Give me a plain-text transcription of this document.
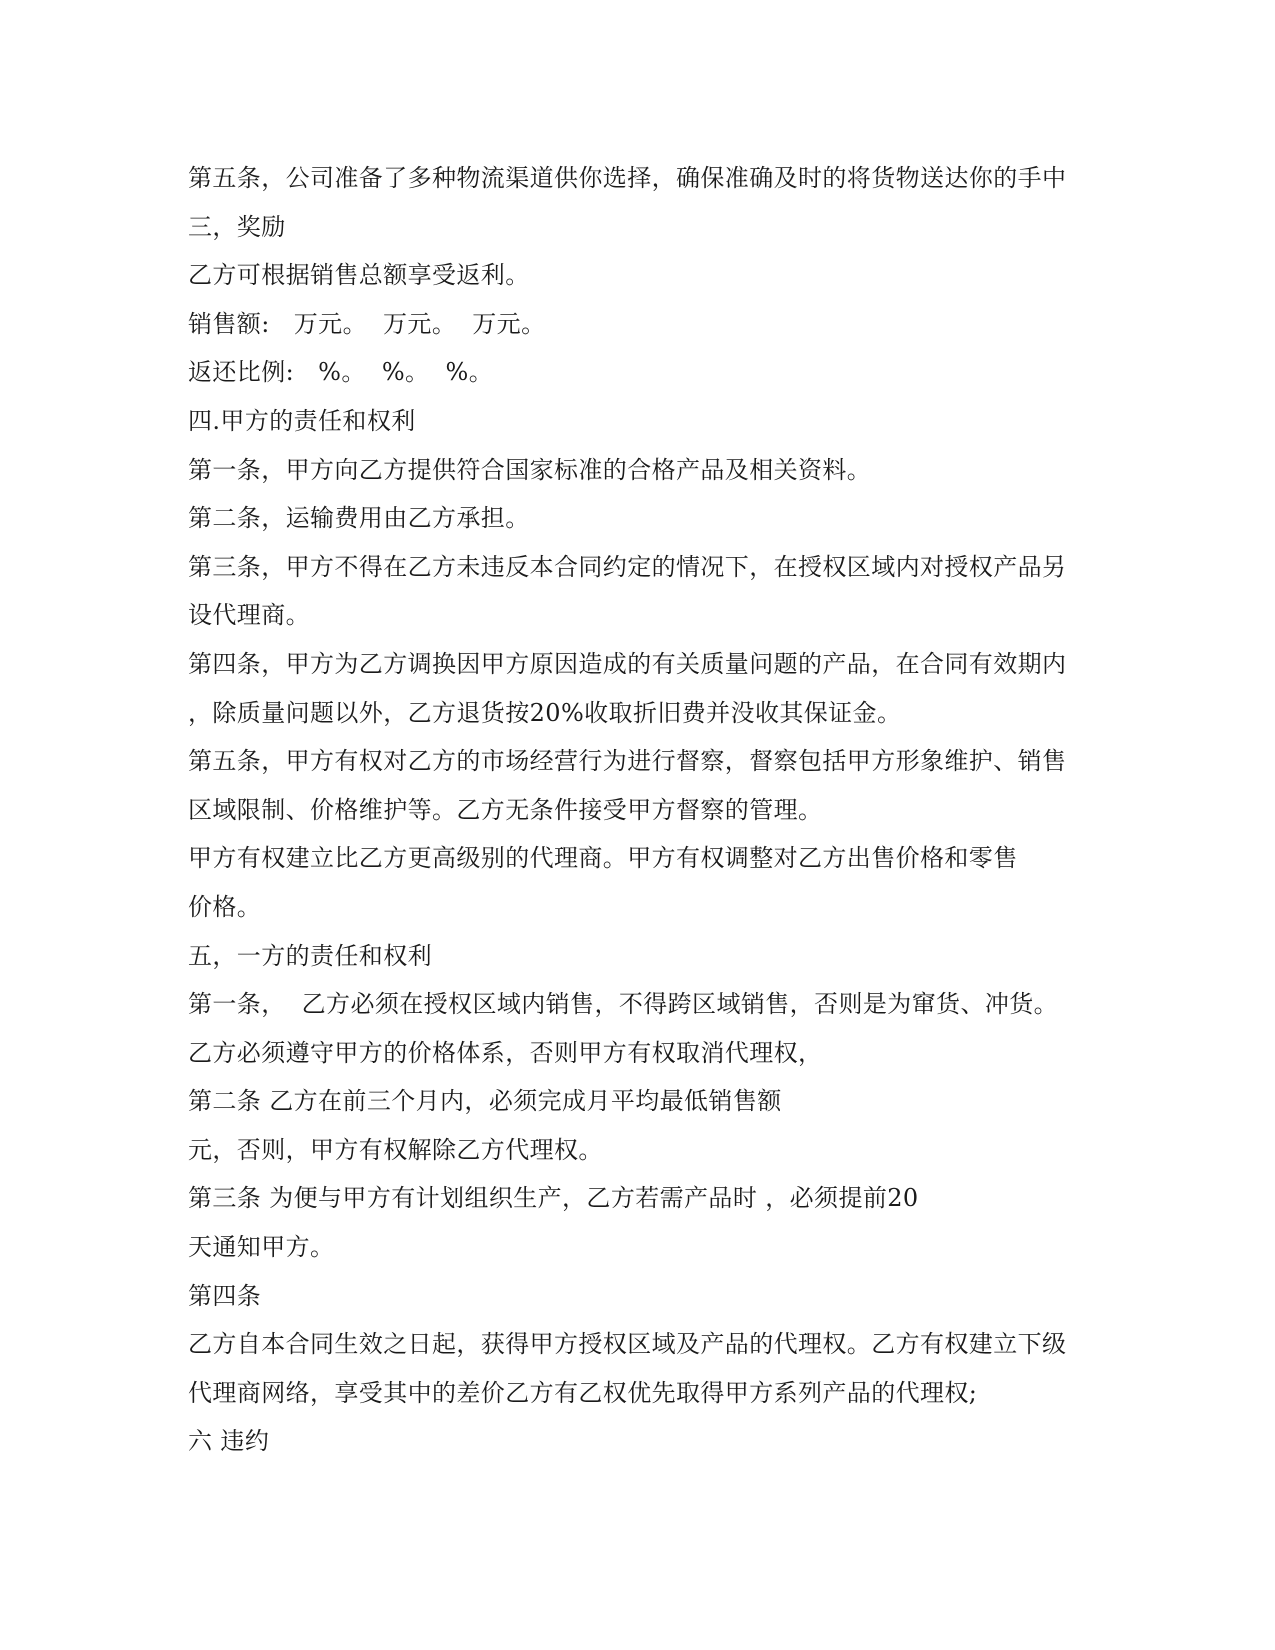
第五条，公司准备了多种物流渠道供你选择，确保准确及时的将货物送达你的手中

三，奖励

乙方可根据销售总额享受返利。

销售额:   万元。  万元。  万元。

返还比例:   %。  %。  %。

四.甲方的责任和权利

第一条，甲方向乙方提供符合国家标准的合格产品及相关资料。

第二条，运输费用由乙方承担。

第三条，甲方不得在乙方未违反本合同约定的情况下，在授权区域内对授权产品另

设代理商。

第四条，甲方为乙方调换因甲方原因造成的有关质量问题的产品，在合同有效期内

，除质量问题以外，乙方退货按20%收取折旧费并没收其保证金。

第五条，甲方有权对乙方的市场经营行为进行督察，督察包括甲方形象维护、销售

区域限制、价格维护等。乙方无条件接受甲方督察的管理。

甲方有权建立比乙方更高级别的代理商。甲方有权调整对乙方出售价格和零售

价格。

五，一方的责任和权利

第一条，  乙方必须在授权区域内销售，不得跨区域销售，否则是为窜货、冲货。

乙方必须遵守甲方的价格体系，否则甲方有权取消代理权，

第二条 乙方在前三个月内，必须完成月平均最低销售额

元，否则，甲方有权解除乙方代理权。

第三条 为便与甲方有计划组织生产，乙方若需产品时 ，必须提前20

天通知甲方。

第四条

乙方自本合同生效之日起，获得甲方授权区域及产品的代理权。乙方有权建立下级

代理商网络，享受其中的差价乙方有乙权优先取得甲方系列产品的代理权;

六 违约
